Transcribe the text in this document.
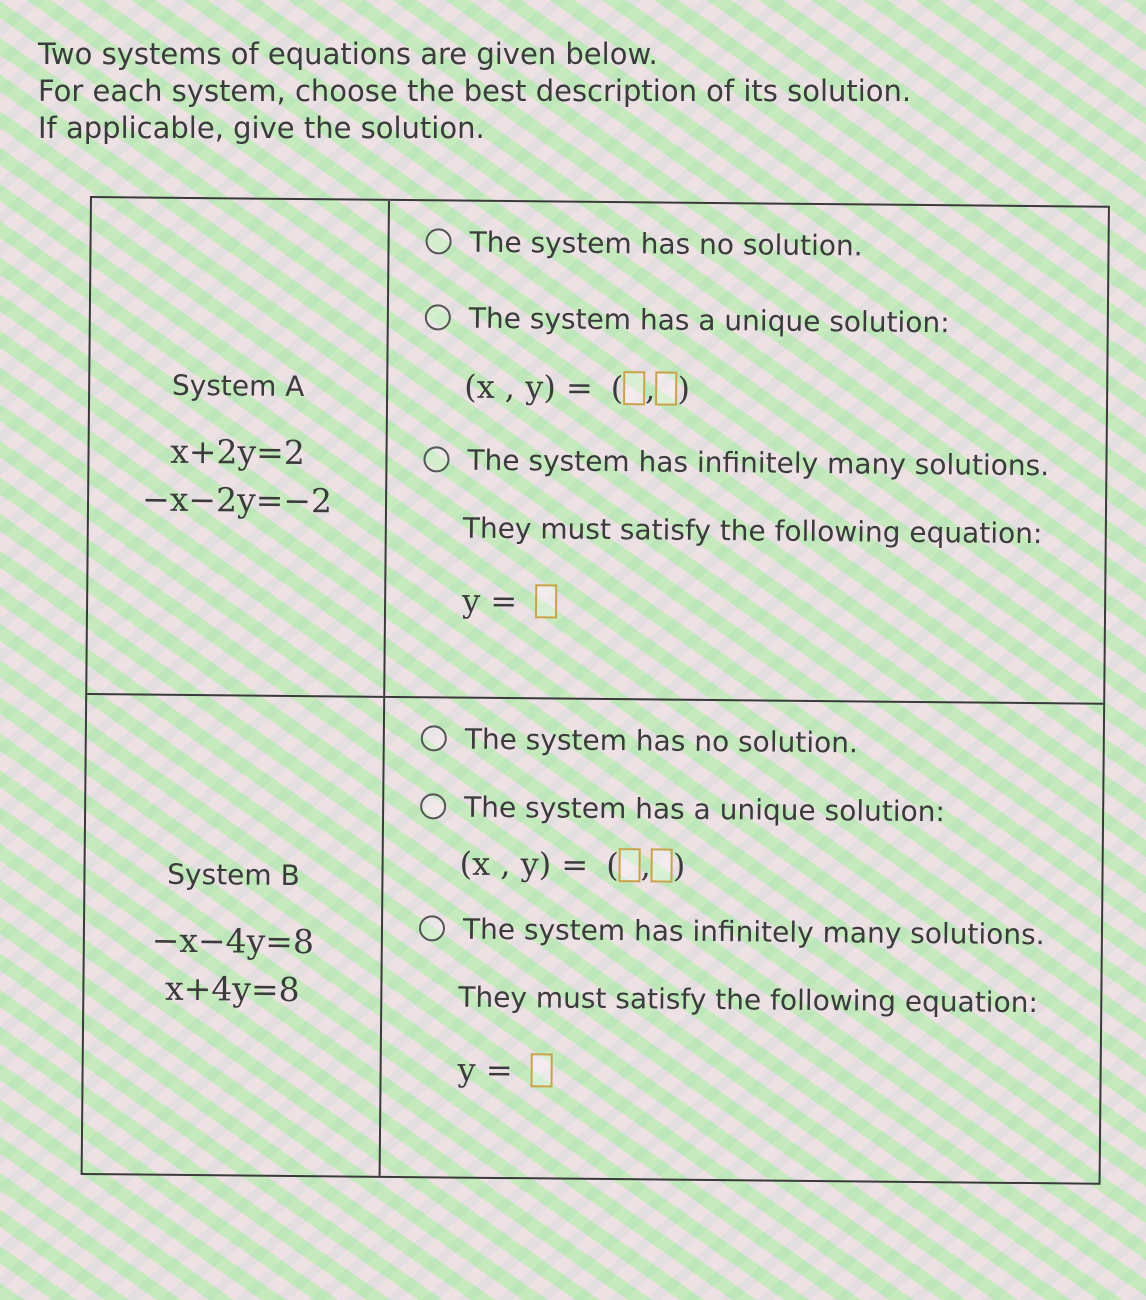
Two systems of equations are given below.
For each system, choose the best description of its solution.
If applicable, give the solution.
System A
x+2y=2
−x−2y=−2
The system has no solution.
The system has a unique solution:
(x , y) = ( , )
The system has infinitely many solutions.
They must satisfy the following equation:
y =
System B
−x−4y=8
x+4y=8
The system has no solution.
The system has a unique solution:
(x , y) = ( , )
The system has infinitely many solutions.
They must satisfy the following equation:
y =
